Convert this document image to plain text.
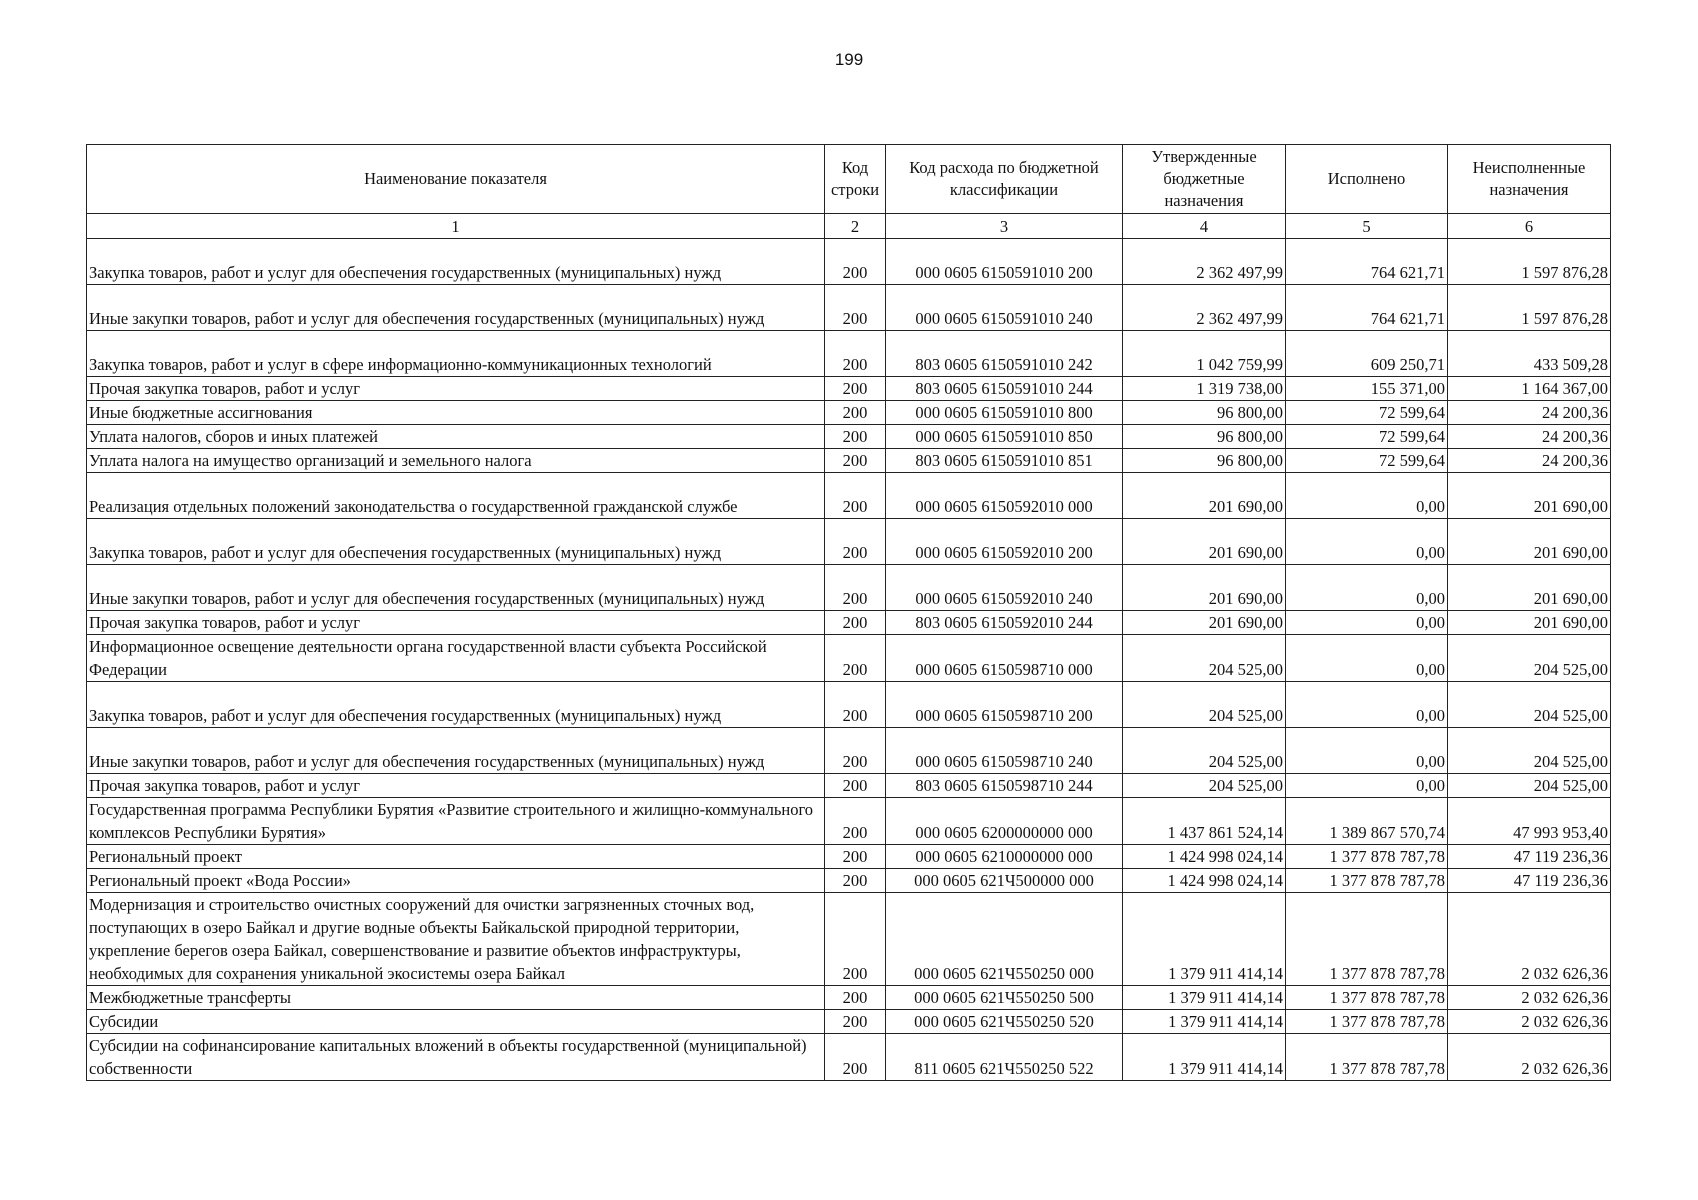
199
Наименование показателя	Код строки	Код расхода по бюджетной классификации	Утвержденные бюджетные назначения	Исполнено	Неисполненные назначения
1	2	3	4	5	6
Закупка товаров, работ и услуг для обеспечения государственных (муниципальных) нужд	200	000 0605 6150591010 200	2 362 497,99	764 621,71	1 597 876,28
Иные закупки товаров, работ и услуг для обеспечения государственных (муниципальных) нужд	200	000 0605 6150591010 240	2 362 497,99	764 621,71	1 597 876,28
Закупка товаров, работ и услуг в сфере информационно-коммуникационных технологий	200	803 0605 6150591010 242	1 042 759,99	609 250,71	433 509,28
Прочая закупка товаров, работ и услуг	200	803 0605 6150591010 244	1 319 738,00	155 371,00	1 164 367,00
Иные бюджетные ассигнования	200	000 0605 6150591010 800	96 800,00	72 599,64	24 200,36
Уплата налогов, сборов и иных платежей	200	000 0605 6150591010 850	96 800,00	72 599,64	24 200,36
Уплата налога на имущество организаций и земельного налога	200	803 0605 6150591010 851	96 800,00	72 599,64	24 200,36
Реализация отдельных положений законодательства о государственной гражданской службе	200	000 0605 6150592010 000	201 690,00	0,00	201 690,00
Закупка товаров, работ и услуг для обеспечения государственных (муниципальных) нужд	200	000 0605 6150592010 200	201 690,00	0,00	201 690,00
Иные закупки товаров, работ и услуг для обеспечения государственных (муниципальных) нужд	200	000 0605 6150592010 240	201 690,00	0,00	201 690,00
Прочая закупка товаров, работ и услуг	200	803 0605 6150592010 244	201 690,00	0,00	201 690,00
Информационное освещение деятельности органа государственной власти субъекта Российской Федерации	200	000 0605 6150598710 000	204 525,00	0,00	204 525,00
Закупка товаров, работ и услуг для обеспечения государственных (муниципальных) нужд	200	000 0605 6150598710 200	204 525,00	0,00	204 525,00
Иные закупки товаров, работ и услуг для обеспечения государственных (муниципальных) нужд	200	000 0605 6150598710 240	204 525,00	0,00	204 525,00
Прочая закупка товаров, работ и услуг	200	803 0605 6150598710 244	204 525,00	0,00	204 525,00
Государственная программа Республики Бурятия «Развитие строительного и жилищно-коммунального комплексов Республики Бурятия»	200	000 0605 6200000000 000	1 437 861 524,14	1 389 867 570,74	47 993 953,40
Региональный проект	200	000 0605 6210000000 000	1 424 998 024,14	1 377 878 787,78	47 119 236,36
Региональный проект «Вода России»	200	000 0605 621Ч500000 000	1 424 998 024,14	1 377 878 787,78	47 119 236,36
Модернизация и строительство очистных сооружений для очистки загрязненных сточных вод, поступающих в озеро Байкал и другие водные объекты Байкальской природной территории, укрепление берегов озера Байкал, совершенствование и развитие объектов инфраструктуры, необходимых для сохранения уникальной экосистемы озера Байкал	200	000 0605 621Ч550250 000	1 379 911 414,14	1 377 878 787,78	2 032 626,36
Межбюджетные трансферты	200	000 0605 621Ч550250 500	1 379 911 414,14	1 377 878 787,78	2 032 626,36
Субсидии	200	000 0605 621Ч550250 520	1 379 911 414,14	1 377 878 787,78	2 032 626,36
Субсидии на софинансирование капитальных вложений в объекты государственной (муниципальной) собственности	200	811 0605 621Ч550250 522	1 379 911 414,14	1 377 878 787,78	2 032 626,36
